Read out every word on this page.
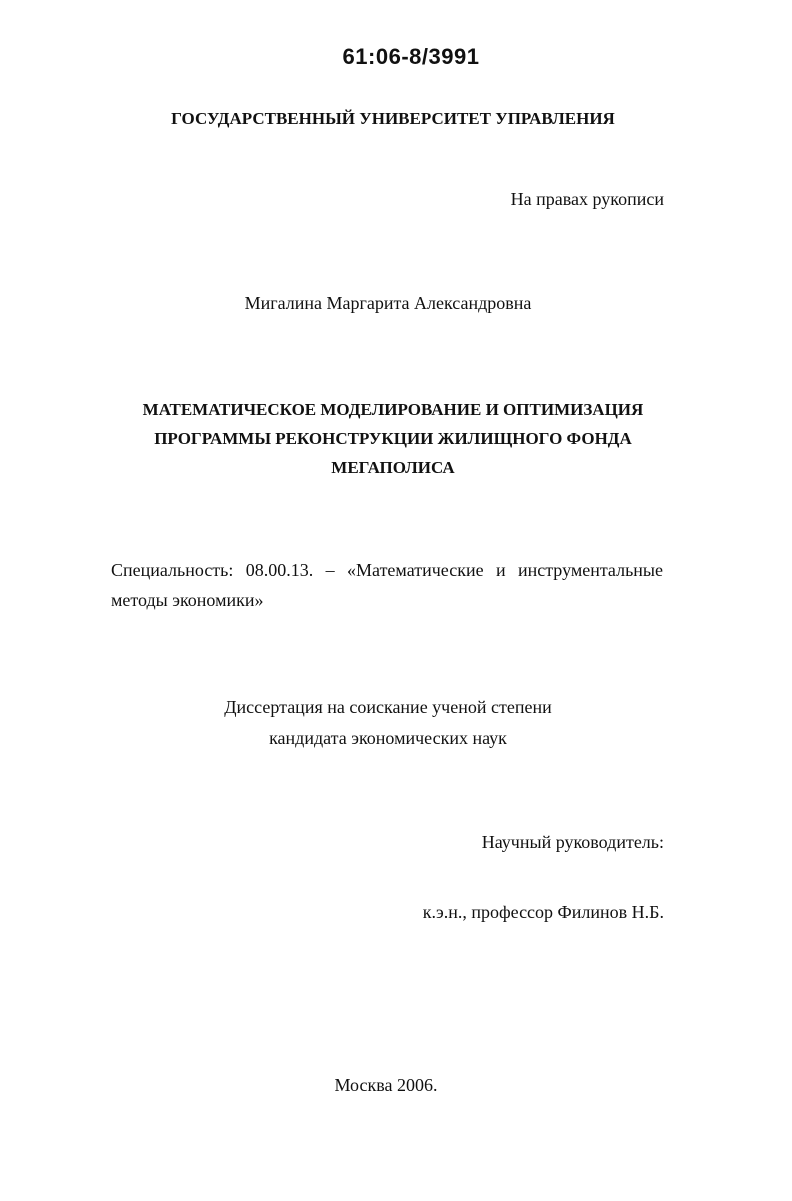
61:06-8/3991
ГОСУДАРСТВЕННЫЙ УНИВЕРСИТЕТ УПРАВЛЕНИЯ
На правах рукописи
Мигалина Маргарита Александровна
МАТЕМАТИЧЕСКОЕ МОДЕЛИРОВАНИЕ И ОПТИМИЗАЦИЯ
ПРОГРАММЫ РЕКОНСТРУКЦИИ ЖИЛИЩНОГО ФОНДА
МЕГАПОЛИСА
Специальность: 08.00.13. – «Математические и инструментальные
методы экономики»
Диссертация на соискание ученой степени
кандидата экономических наук
Научный руководитель:
к.э.н., профессор Филинов Н.Б.
Москва 2006.
